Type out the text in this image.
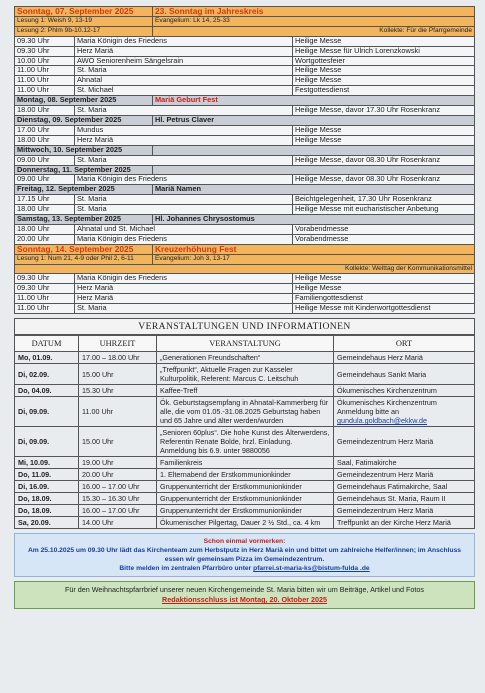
Sonntag, 07. September 2025		23. Sonntag im Jahreskreis	
Lesung 1: Weish 9, 13-19		Evangelium: Lk 14, 25-33	
Lesung 2: Phlm 9b-10.12-17		Kollekte: Für die Pfarrgemeinde	
09.30 Uhr	Maria Königin des Friedens		Heilige Messe
09.30 Uhr	Herz Mariä		Heilige Messe für Ulrich Lorenzkowski
10.00 Uhr	AWO Seniorenheim Sängelsrain		Wortgottesfeier
11.00 Uhr	St. Maria		Heilige Messe
11.00 Uhr	Ahnatal		Heilige Messe
11.00 Uhr	St. Michael		Festgottesdienst
Montag, 08. September 2025		Mariä Geburt Fest	
18.00 Uhr	St. Maria		Heilige Messe, davor 17.30 Uhr Rosenkranz
Dienstag, 09. September 2025		Hl. Petrus Claver	
17.00 Uhr	Mundus		Heilige Messe
18.00 Uhr	Herz Mariä		Heilige Messe
Mittwoch, 10. September 2025			
09.00 Uhr	St. Maria		Heilige Messe, davor 08.30 Uhr Rosenkranz
Donnerstag, 11. September 2025			
09.00 Uhr	Maria Königin des Friedens		Heilige Messe, davor 08.30 Uhr Rosenkranz
Freitag, 12. September 2025		Mariä Namen	
17.15 Uhr	St. Maria		Beichtgelegenheit, 17.30 Uhr Rosenkranz
18.00 Uhr	St. Maria		Heilige Messe mit eucharistischer Anbetung
Samstag, 13. September 2025		Hl. Johannes Chrysostomus	
18.00 Uhr	Ahnatal und St. Michael		Vorabendmesse
20.00 Uhr	Maria Königin des Friedens		Vorabendmesse
Sonntag, 14. September 2025		Kreuzerhöhung Fest	
Lesung 1: Num 21, 4-9 oder Phil 2, 6-11		Evangelium: Joh 3, 13-17	
Kollekte: Welttag der Kommunikationsmittel			
09.30 Uhr	Maria Königin des Friedens		Heilige Messe
09.30 Uhr	Herz Mariä		Heilige Messe
11.00 Uhr	Herz Mariä		Familiengottesdienst
11.00 Uhr	St. Maria		Heilige Messe mit Kinderwortgottesdienst
VERANSTALTUNGEN UND INFORMATIONEN
DATUM	UHRZEIT	VERANSTALTUNG	ORT
Mo, 01.09.	17.00 – 18.00 Uhr	„Generationen Freundschaften“	Gemeindehaus Herz Mariä
Di, 02.09.	15.00 Uhr	„Treffpunkt“, Aktuelle Fragen zur Kasseler Kulturpolitik, Referent: Marcus C. Leitschuh	Gemeindehaus Sankt Maria
Do, 04.09.	15.30 Uhr	Kaffee-Treff	Ökumenisches Kirchenzentrum
Di, 09.09.	11.00 Uhr	Ök. Geburtstagsempfang in Ahnatal-Kammerberg für alle, die vom 01.05.-31.08.2025 Geburtstag haben und 65 Jahre und älter werden/wurden	Ökumenisches Kirchenzentrum Anmeldung bitte an
gundula.goldbach@ekkw.de
Di, 09.09.	15.00 Uhr	„Senioren 60plus“. Die hohe Kunst des Älterwerdens, Referentin Renate Bolde, hrzl. Einladung. Anmeldung bis 6.9. unter 9880056	Gemeindezentrum Herz Mariä
Mi, 10.09.	19.00 Uhr	Familienkreis	Saal, Fatimakirche
Do, 11.09.	20.00 Uhr	1. Elternabend der Erstkommunionkinder	Gemeindezentrum Herz Mariä
Di, 16.09.	16.00 – 17.00 Uhr	Gruppenunterricht der Erstkommunionkinder	Gemeindehaus Fatimakirche, Saal
Do, 18.09.	15.30 – 16.30 Uhr	Gruppenunterricht der Erstkommunionkinder	Gemeindehaus St. Maria, Raum II
Do, 18.09.	16.00 – 17.00 Uhr	Gruppenunterricht der Erstkommunionkinder	Gemeindezentrum Herz Mariä
Sa, 20.09.	14.00 Uhr	Ökumenischer Pilgertag, Dauer 2 ½ Std., ca. 4 km	Treffpunkt an der Kirche Herz Mariä
Schon einmal vormerken:
Am 25.10.2025 um 09.30 Uhr lädt das Kirchenteam zum Herbstputz in Herz Mariä ein und bittet um zahlreiche Helfer/innen; im Anschluss essen wir gemeinsam Pizza im Gemeindezentrum.
Bitte melden im zentralen Pfarrbüro unter pfarrei.st-maria-ks@bistum-fulda .de
Für den Weihnachtspfarrbrief unserer neuen Kirchengemeinde St. Maria bitten wir um Beiträge, Artikel und Fotos
Redaktionsschluss ist Montag, 20. Oktober 2025
